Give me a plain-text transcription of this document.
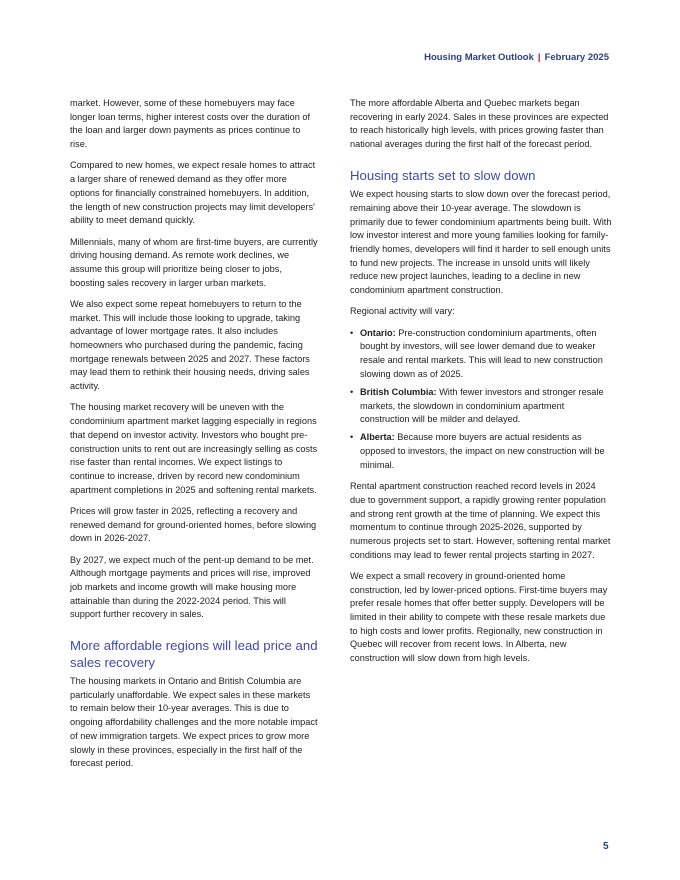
Housing Market Outlook | February 2025

market. However, some of these homebuyers may face longer loan terms, higher interest costs over the duration of the loan and larger down payments as prices continue to rise.

Compared to new homes, we expect resale homes to attract a larger share of renewed demand as they offer more options for financially constrained homebuyers. In addition, the length of new construction projects may limit developers' ability to meet demand quickly.

Millennials, many of whom are first-time buyers, are currently driving housing demand. As remote work declines, we assume this group will prioritize being closer to jobs, boosting sales recovery in larger urban markets.

We also expect some repeat homebuyers to return to the market. This will include those looking to upgrade, taking advantage of lower mortgage rates. It also includes homeowners who purchased during the pandemic, facing mortgage renewals between 2025 and 2027. These factors may lead them to rethink their housing needs, driving sales activity.

The housing market recovery will be uneven with the condominium apartment market lagging especially in regions that depend on investor activity. Investors who bought pre-construction units to rent out are increasingly selling as costs rise faster than rental incomes. We expect listings to continue to increase, driven by record new condominium apartment completions in 2025 and softening rental markets.

Prices will grow faster in 2025, reflecting a recovery and renewed demand for ground-oriented homes, before slowing down in 2026-2027.

By 2027, we expect much of the pent-up demand to be met. Although mortgage payments and prices will rise, improved job markets and income growth will make housing more attainable than during the 2022-2024 period. This will support further recovery in sales.

More affordable regions will lead price and sales recovery

The housing markets in Ontario and British Columbia are particularly unaffordable. We expect sales in these markets to remain below their 10-year averages. This is due to ongoing affordability challenges and the more notable impact of new immigration targets. We expect prices to grow more slowly in these provinces, especially in the first half of the forecast period.

The more affordable Alberta and Quebec markets began recovering in early 2024. Sales in these provinces are expected to reach historically high levels, with prices growing faster than national averages during the first half of the forecast period.

Housing starts set to slow down

We expect housing starts to slow down over the forecast period, remaining above their 10-year average. The slowdown is primarily due to fewer condominium apartments being built. With low investor interest and more young families looking for family-friendly homes, developers will find it harder to sell enough units to fund new projects. The increase in unsold units will likely reduce new project launches, leading to a decline in new condominium apartment construction.

Regional activity will vary:

• Ontario: Pre-construction condominium apartments, often bought by investors, will see lower demand due to weaker resale and rental markets. This will lead to new construction slowing down as of 2025.
• British Columbia: With fewer investors and stronger resale markets, the slowdown in condominium apartment construction will be milder and delayed.
• Alberta: Because more buyers are actual residents as opposed to investors, the impact on new construction will be minimal.

Rental apartment construction reached record levels in 2024 due to government support, a rapidly growing renter population and strong rent growth at the time of planning. We expect this momentum to continue through 2025-2026, supported by numerous projects set to start. However, softening rental market conditions may lead to fewer rental projects starting in 2027.

We expect a small recovery in ground-oriented home construction, led by lower-priced options. First-time buyers may prefer resale homes that offer better supply. Developers will be limited in their ability to compete with these resale markets due to high costs and lower profits. Regionally, new construction in Quebec will recover from recent lows. In Alberta, new construction will slow down from high levels.

5
